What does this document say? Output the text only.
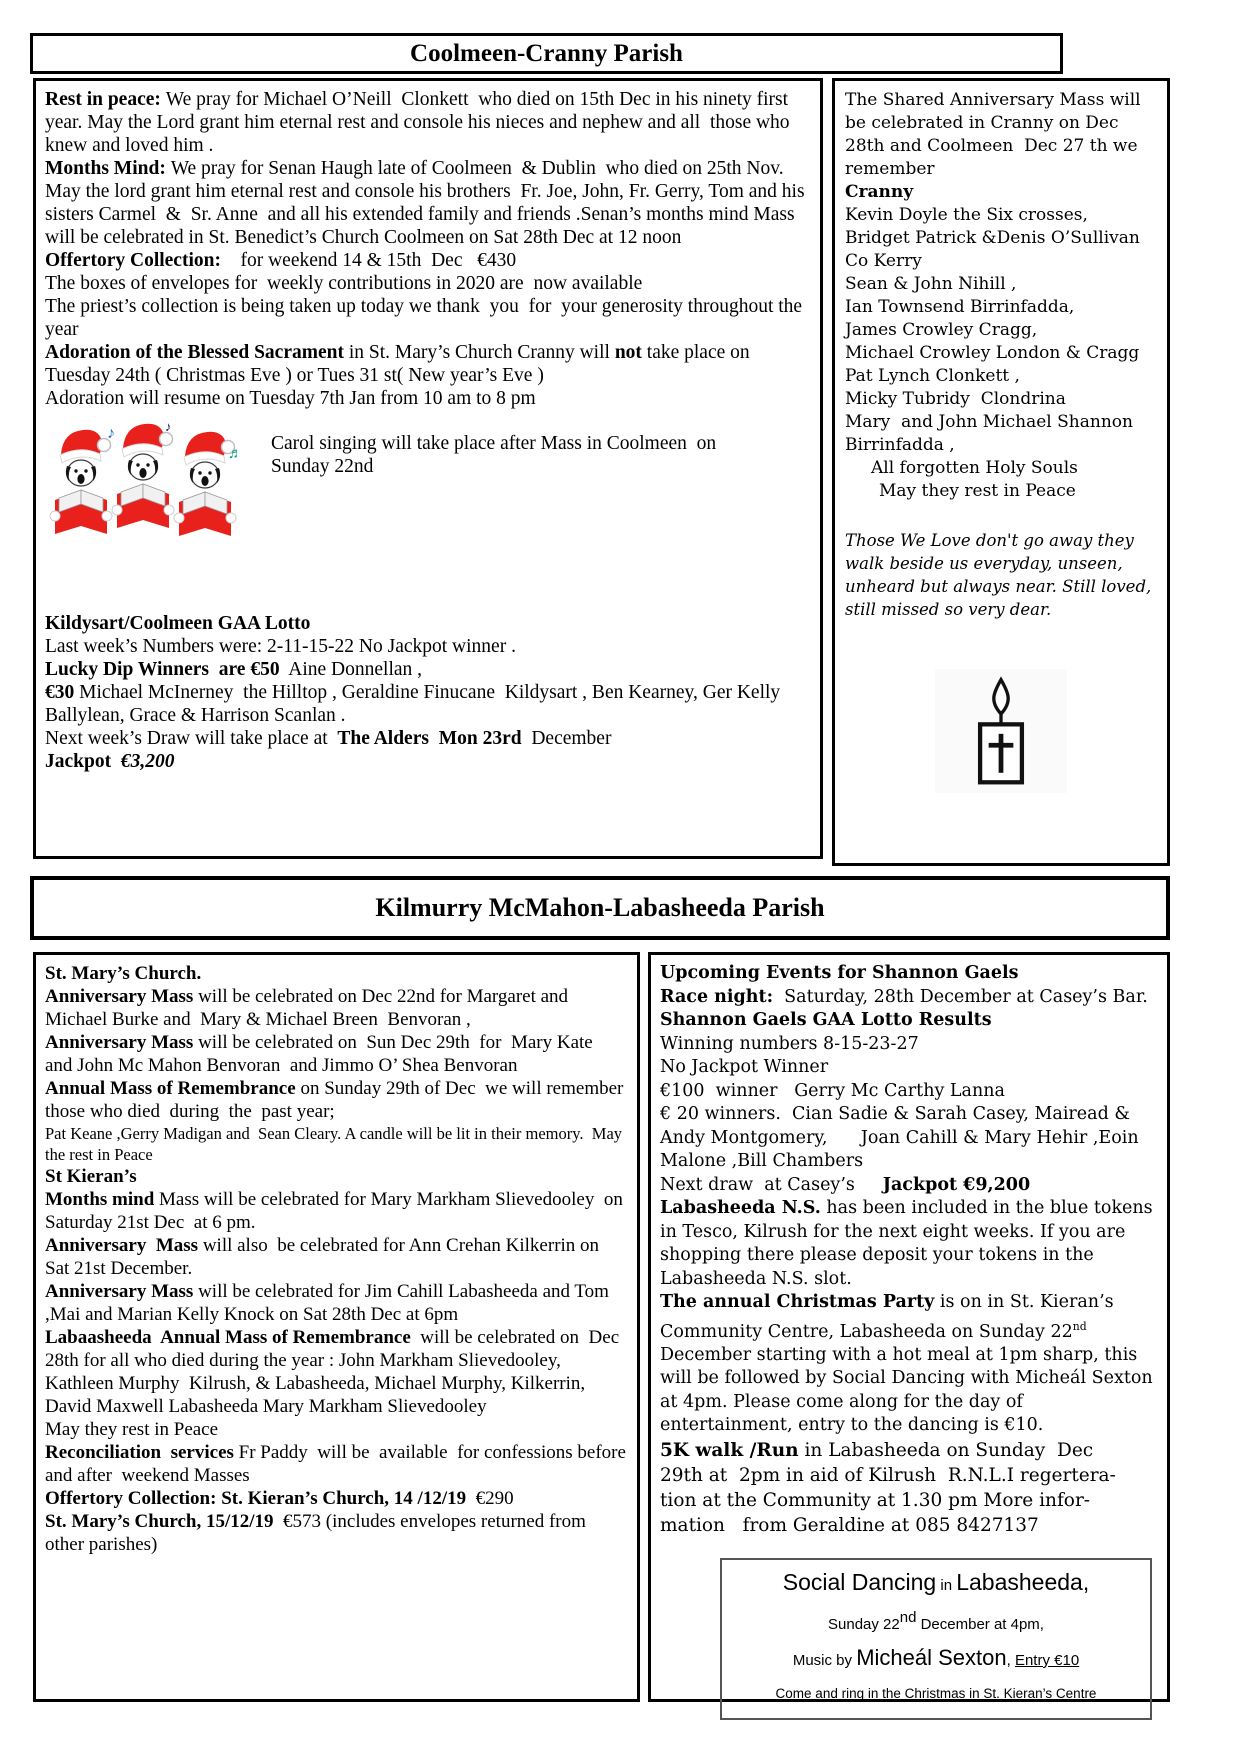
Coolmeen-Cranny Parish

Rest in peace: We pray for Michael O’Neill  Clonkett  who died on 15th Dec in his ninety first year. May the Lord grant him eternal rest and console his nieces and nephew and all  those who knew and loved him .

Months Mind: We pray for Senan Haugh late of Coolmeen  & Dublin  who died on 25th Nov. May the lord grant him eternal rest and console his brothers  Fr. Joe, John, Fr. Gerry, Tom and his sisters Carmel  &  Sr. Anne  and all his extended family and friends .Senan’s months mind Mass will be celebrated in St. Benedict’s Church Coolmeen on Sat 28th Dec at 12 noon

Offertory Collection:    for weekend 14 & 15th  Dec   €430

The boxes of envelopes for  weekly contributions in 2020 are  now available

The priest’s collection is being taken up today we thank  you  for  your generosity throughout the year

Adoration of the Blessed Sacrament in St. Mary’s Church Cranny will not take place on Tuesday 24th ( Christmas Eve ) or Tues 31 st( New year’s Eve )

Adoration will resume on Tuesday 7th Jan from 10 am to 8 pm

♪	♪
♬	Carol singing will take place after Mass in Coolmeen  on Sunday 22nd

Kildysart/Coolmeen GAA Lotto

Last week’s Numbers were: 2-11-15-22 No Jackpot winner .

Lucky Dip Winners  are €50  Aine Donnellan ,

€30 Michael McInerney  the Hilltop , Geraldine Finucane  Kildysart , Ben Kearney, Ger Kelly Ballylean, Grace & Harrison Scanlan .

Next week’s Draw will take place at  The Alders  Mon 23rd  December

Jackpot  €3,200

The Shared Anniversary Mass will be celebrated in Cranny on Dec 28th and Coolmeen  Dec 27 th we remember

Cranny

Kevin Doyle the Six crosses,
Bridget Patrick &Denis O’Sullivan Co Kerry
Sean & John Nihill ,
Ian Townsend Birrinfadda,
James Crowley Cragg,
Michael Crowley London & Cragg
Pat Lynch Clonkett ,
Micky Tubridy  Clondrina
Mary  and John Michael Shannon Birrinfadda ,
All forgotten Holy Souls
May they rest in Peace

Those We Love don't go away they walk beside us everyday, unseen, unheard but always near. Still loved, still missed so very dear.

Kilmurry McMahon-Labasheeda Parish

St. Mary’s Church.

Anniversary Mass will be celebrated on Dec 22nd for Margaret and Michael Burke and  Mary & Michael Breen  Benvoran ,

Anniversary Mass will be celebrated on  Sun Dec 29th  for  Mary Kate  and John Mc Mahon Benvoran  and Jimmo O’ Shea Benvoran

Annual Mass of Remembrance on Sunday 29th of Dec  we will remember those who died  during  the  past year;

Pat Keane ,Gerry Madigan and  Sean Cleary. A candle will be lit in their memory.  May the rest in Peace

St Kieran’s

Months mind Mass will be celebrated for Mary Markham Slievedooley  on Saturday 21st Dec  at 6 pm.

Anniversary  Mass will also  be celebrated for Ann Crehan Kilkerrin on Sat 21st December.

Anniversary Mass will be celebrated for Jim Cahill Labasheeda and Tom ,Mai and Marian Kelly Knock on Sat 28th Dec at 6pm

Labaasheeda  Annual Mass of Remembrance  will be celebrated on  Dec 28th for all who died during the year : John Markham Slievedooley, Kathleen Murphy  Kilrush, & Labasheeda, Michael Murphy, Kilkerrin, David Maxwell Labasheeda Mary Markham Slievedooley

May they rest in Peace

Reconciliation  services Fr Paddy  will be  available  for confessions before  and after  weekend Masses

Offertory Collection: St. Kieran’s Church, 14 /12/19  €290

St. Mary’s Church, 15/12/19  €573 (includes envelopes returned from other parishes)

Upcoming Events for Shannon Gaels

Race night:  Saturday, 28th December at Casey’s Bar.

Shannon Gaels GAA Lotto Results

Winning numbers 8-15-23-27

No Jackpot Winner

€100  winner   Gerry Mc Carthy Lanna

€ 20 winners.  Cian Sadie & Sarah Casey, Mairead & Andy Montgomery,      Joan Cahill & Mary Hehir ,Eoin Malone ,Bill Chambers

Next draw  at Casey’s     Jackpot €9,200

Labasheeda N.S. has been included in the blue tokens in Tesco, Kilrush for the next eight weeks. If you are shopping there please deposit your tokens in the Labasheeda N.S. slot.

The annual Christmas Party is on in St. Kieran’s Community Centre, Labasheeda on Sunday 22nd December starting with a hot meal at 1pm sharp, this will be followed by Social Dancing with Micheál Sexton at 4pm. Please come along for the day of entertainment, entry to the dancing is €10.

5K walk /Run in Labasheeda on Sunday  Dec
29th at  2pm in aid of Kilrush  R.N.L.I regertera-
tion at the Community at 1.30 pm More infor-
mation   from Geraldine at 085 8427137

Social Dancing in Labasheeda,
Sunday 22nd December at 4pm,
Music by Micheál Sexton, Entry €10
Come and ring in the Christmas in St. Kieran’s Centre
